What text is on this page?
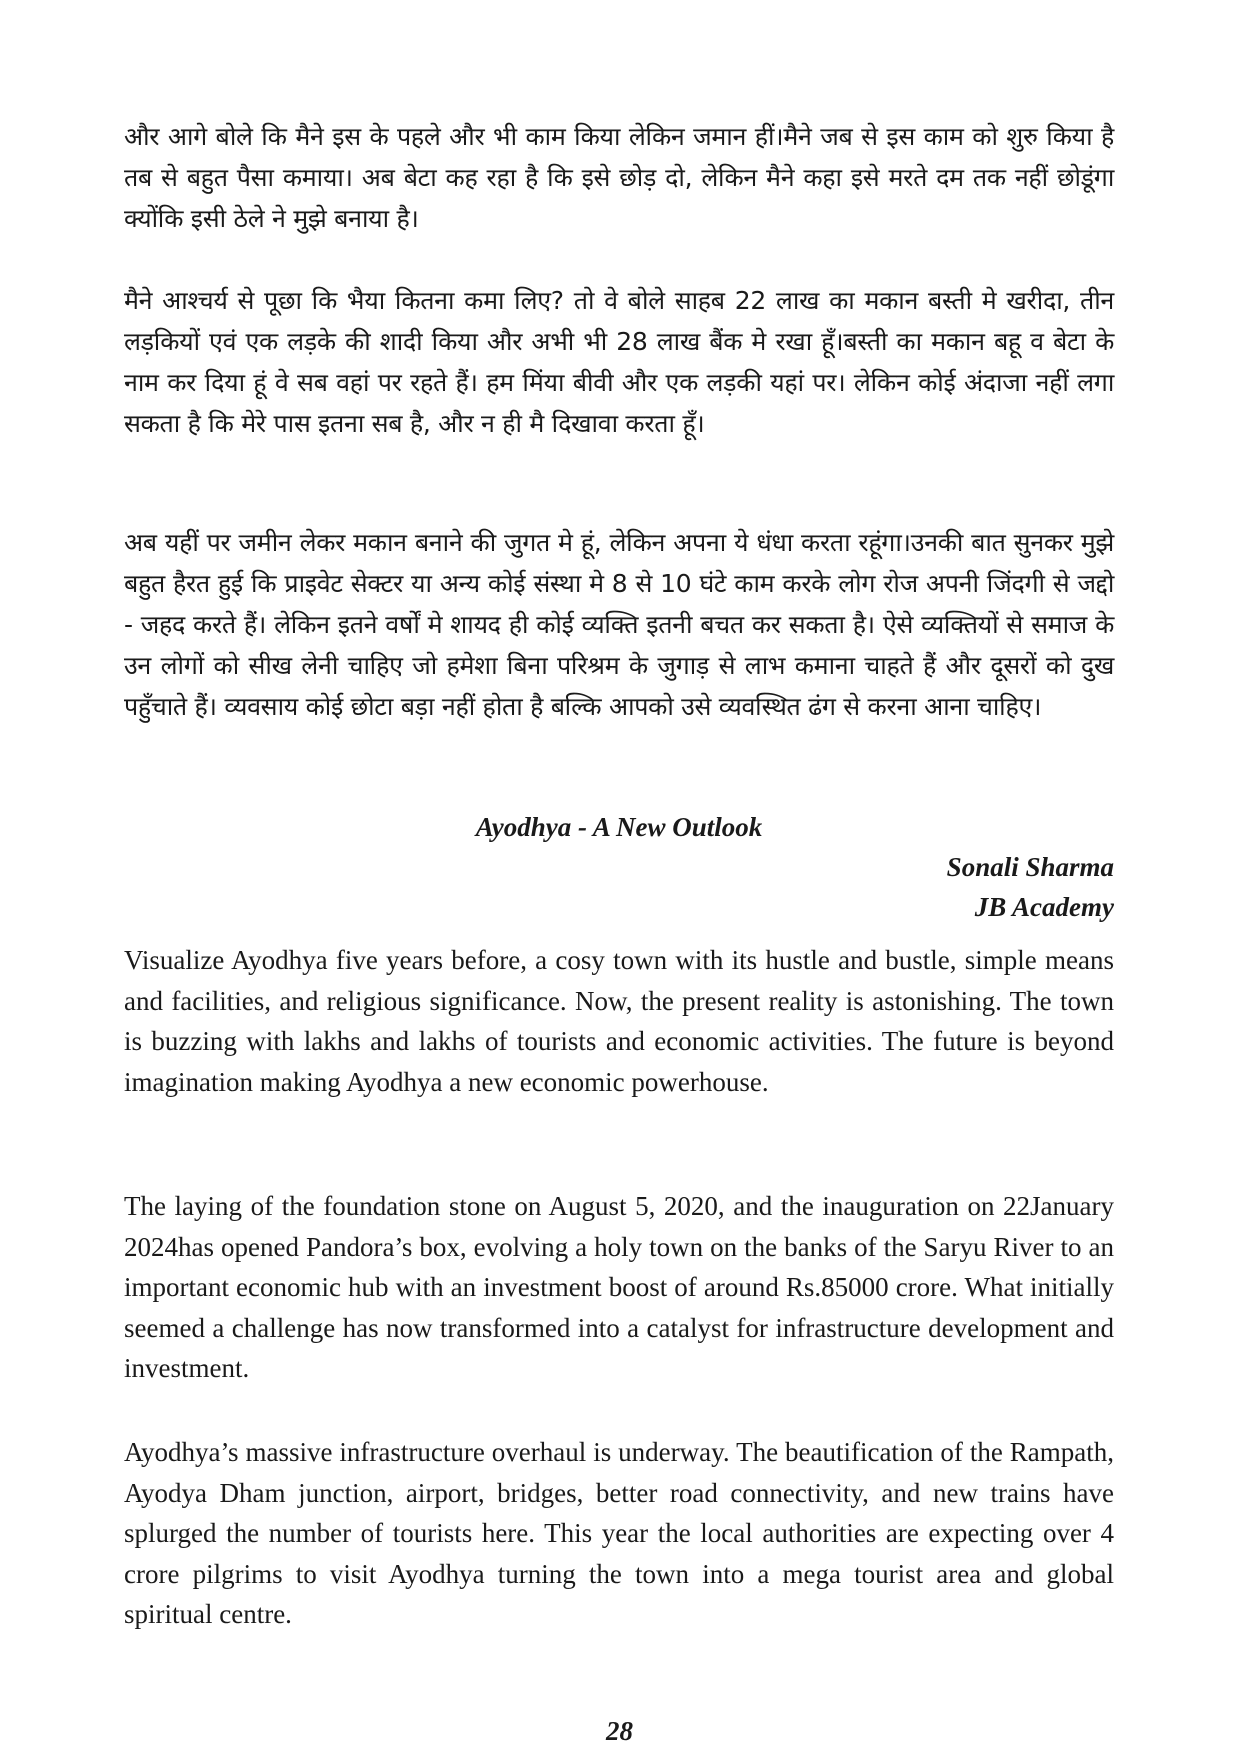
और आगे बोले कि मैने इस के पहले और भी काम किया लेकिन जमान हीं।मैने जब से इस काम को शुरु किया है तब से बहुत पैसा कमाया। अब बेटा कह रहा है कि इसे छोड़ दो, लेकिन मैने कहा इसे मरते दम तक नहीं छोडूंगा क्योंकि इसी ठेले ने मुझे बनाया है।

मैने आश्चर्य से पूछा कि भैया कितना कमा लिए? तो वे बोले साहब 22 लाख का मकान बस्ती मे खरीदा, तीन लड़कियों एवं एक लड़के की शादी किया और अभी भी 28 लाख बैंक मे रखा हूँ।बस्ती का मकान बहू व बेटा के नाम कर दिया हूं वे सब वहां पर रहते हैं। हम मिंया बीवी और एक लड़की यहां पर। लेकिन कोई अंदाजा नहीं लगा सकता है कि मेरे पास इतना सब है, और न ही मै दिखावा करता हूँ।

अब यहीं पर जमीन लेकर मकान बनाने की जुगत मे हूं, लेकिन अपना ये धंधा करता रहूंगा।उनकी बात सुनकर मुझे बहुत हैरत हुई कि प्राइवेट सेक्टर या अन्य कोई संस्था मे 8 से 10 घंटे काम करके लोग रोज अपनी जिंदगी से जद्दो - जहद करते हैं। लेकिन इतने वर्षों मे शायद ही कोई व्यक्ति इतनी बचत कर सकता है। ऐसे व्यक्तियों से समाज के उन लोगों को सीख लेनी चाहिए जो हमेशा बिना परिश्रम के जुगाड़ से लाभ कमाना चाहते हैं और दूसरों को दुख पहुँचाते हैं। व्यवसाय कोई छोटा बड़ा नहीं होता है बल्कि आपको उसे व्यवस्थित ढंग से करना आना चाहिए।

Ayodhya - A New Outlook

Sonali Sharma

JB Academy

Visualize Ayodhya five years before, a cosy town with its hustle and bustle, simple means and facilities, and religious significance. Now, the present reality is astonishing. The town is buzzing with lakhs and lakhs of tourists and economic activities. The future is beyond imagination making Ayodhya a new economic powerhouse.

The laying of the foundation stone on August 5, 2020, and the inauguration on 22January 2024has opened Pandora’s box, evolving a holy town on the banks of the Saryu River to an important economic hub with an investment boost of around Rs.85000 crore. What initially seemed a challenge has now transformed into a catalyst for infrastructure development and investment.

Ayodhya’s massive infrastructure overhaul is underway. The beautification of the Rampath, Ayodya Dham junction, airport, bridges, better road connectivity, and new trains have splurged the number of tourists here. This year the local authorities are expecting over 4 crore pilgrims to visit Ayodhya turning the town into a mega tourist area and global spiritual centre.

28
